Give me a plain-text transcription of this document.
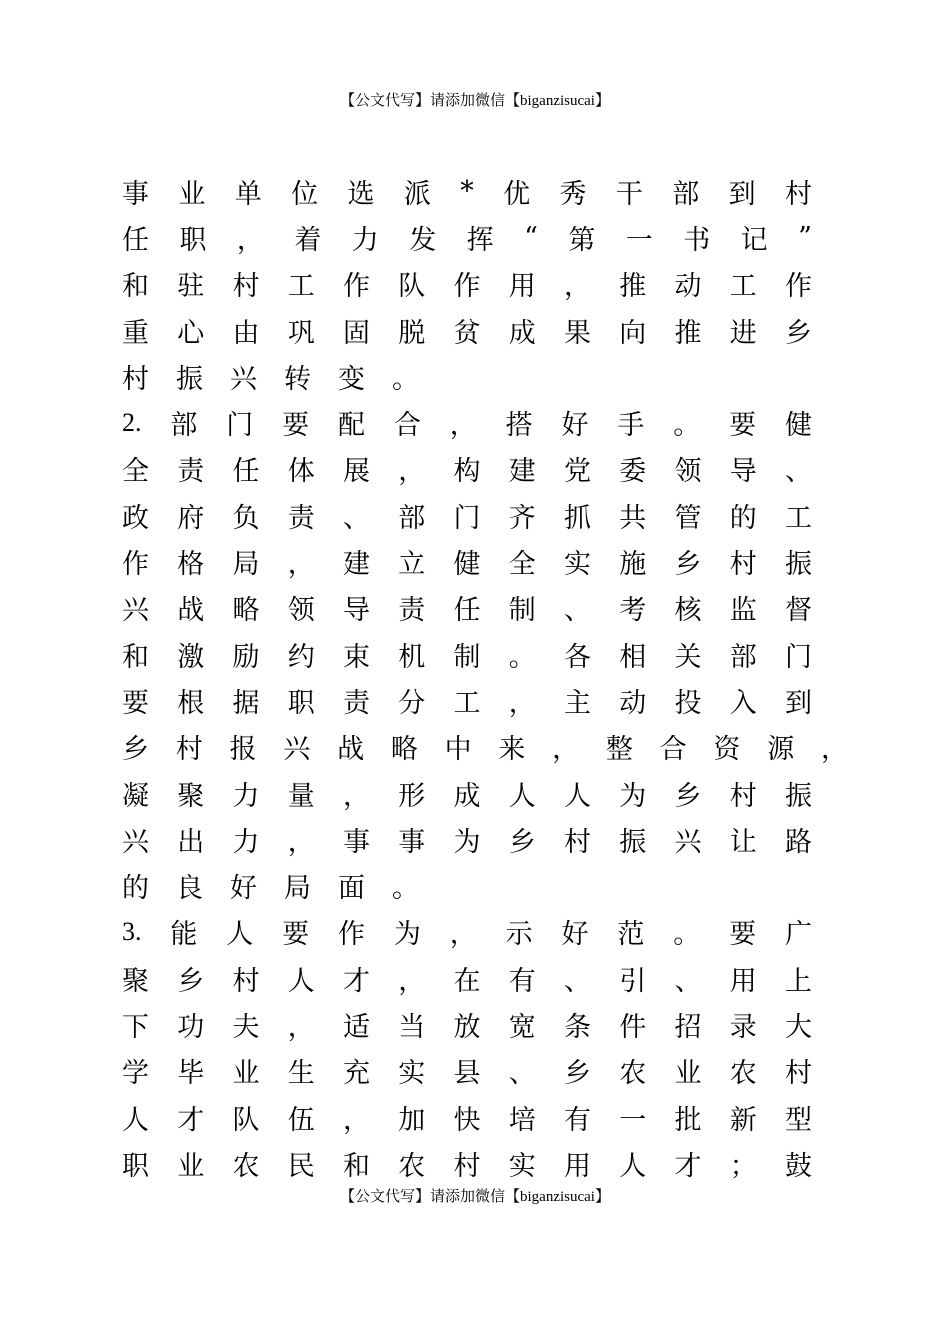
【公文代写】请添加微信【biganzisucai】
事 业 单 位 选 派 * 优 秀 干 部 到 村
任 职 ， 着 力 发 挥 “ 第 一 书 记 ”
和 驻 村 工 作 队 作 用 ， 推 动 工 作
重 心 由 巩 固 脱 贫 成 果 向 推 进 乡
村 振 兴 转 变 。
2. 部 门 要 配 合 ， 搭 好 手 。 要 健
全 责 任 体 展 ， 构 建 党 委 领 导 、
政 府 负 责 、 部 门 齐 抓 共 管 的 工
作 格 局 ， 建 立 健 全 实 施 乡 村 振
兴 战 略 领 导 责 任 制 、 考 核 监 督
和 激 励 约 束 机 制 。 各 相 关 部 门
要 根 据 职 责 分 工 ， 主 动 投 入 到
乡 村 报 兴 战 略 中 来 ， 整 合 资 源 ，
凝 聚 力 量 ， 形 成 人 人 为 乡 村 振
兴 出 力 ， 事 事 为 乡 村 振 兴 让 路
的 良 好 局 面 。
3. 能 人 要 作 为 ， 示 好 范 。 要 广
聚 乡 村 人 才 ， 在 有 、 引 、 用 上
下 功 夫 ， 适 当 放 宽 条 件 招 录 大
学 毕 业 生 充 实 县 、 乡 农 业 农 村
人 才 队 伍 ， 加 快 培 有 一 批 新 型
职 业 农 民 和 农 村 实 用 人 才 ； 鼓
【公文代写】请添加微信【biganzisucai】
